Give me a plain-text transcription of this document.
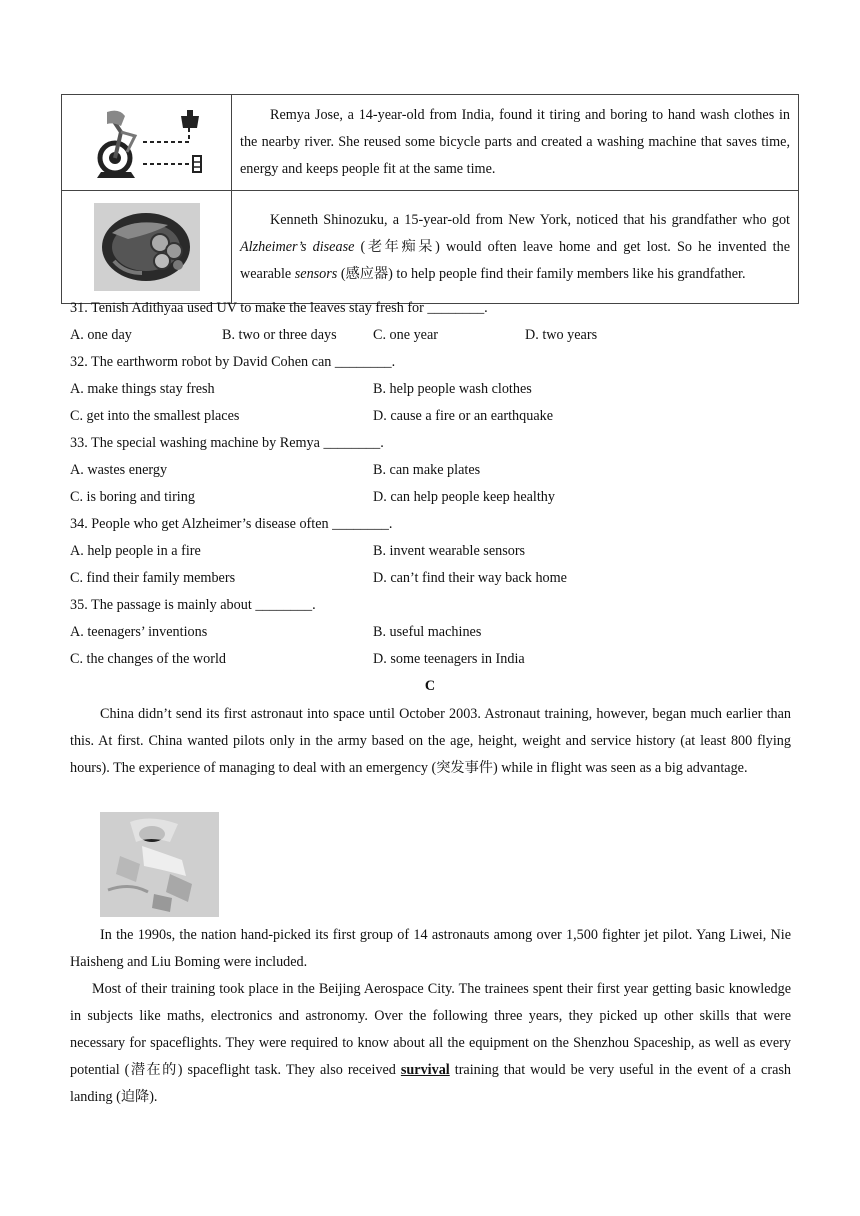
	Remya Jose, a 14-year-old from India, found it tiring and boring to hand wash clothes in the nearby river. She reused some bicycle parts and created a washing machine that saves time, energy and keeps people fit at the same time.

	Kenneth Shinozuku, a 15-year-old from New York, noticed that his grandfather who got Alzheimer’s disease (老年痴呆) would often leave home and get lost. So he invented the wearable sensors (感应器) to help people find their family members like his grandfather.
31. Tenish Adithyaa used UV to make the leaves stay fresh for ________.
A. one day	B. two or three days	C. one year	D. two years
32. The earthworm robot by David Cohen can ________.
A. make things stay fresh	B. help people wash clothes
C. get into the smallest places	D. cause a fire or an earthquake
33. The special washing machine by Remya ________.
A. wastes energy	B. can make plates
C. is boring and tiring	D. can help people keep healthy
34. People who get Alzheimer’s disease often ________.
A. help people in a fire	B. invent wearable sensors
C. find their family members	D. can’t find their way back home
35. The passage is mainly about ________.
A. teenagers’ inventions	B. useful machines
C. the changes of the world	D. some teenagers in India
C
China didn’t send its first astronaut into space until October 2003. Astronaut training, however, began much earlier than this. At first. China wanted pilots only in the army based on the age, height, weight and service history (at least 800 flying hours). The experience of managing to deal with an emergency (突发事件) while in flight was seen as a big advantage.
In the 1990s, the nation hand-picked its first group of 14 astronauts among over 1,500 fighter jet pilot. Yang Liwei, Nie Haisheng and Liu Boming were included.
Most of their training took place in the Beijing Aerospace City. The trainees spent their first year getting basic knowledge in subjects like maths, electronics and astronomy. Over the following three years, they picked up other skills that were necessary for spaceflights. They were required to know about all the equipment on the Shenzhou Spaceship, as well as every potential (潜在的) spaceflight task. They also received survival training that would be very useful in the event of a crash landing (迫降).
